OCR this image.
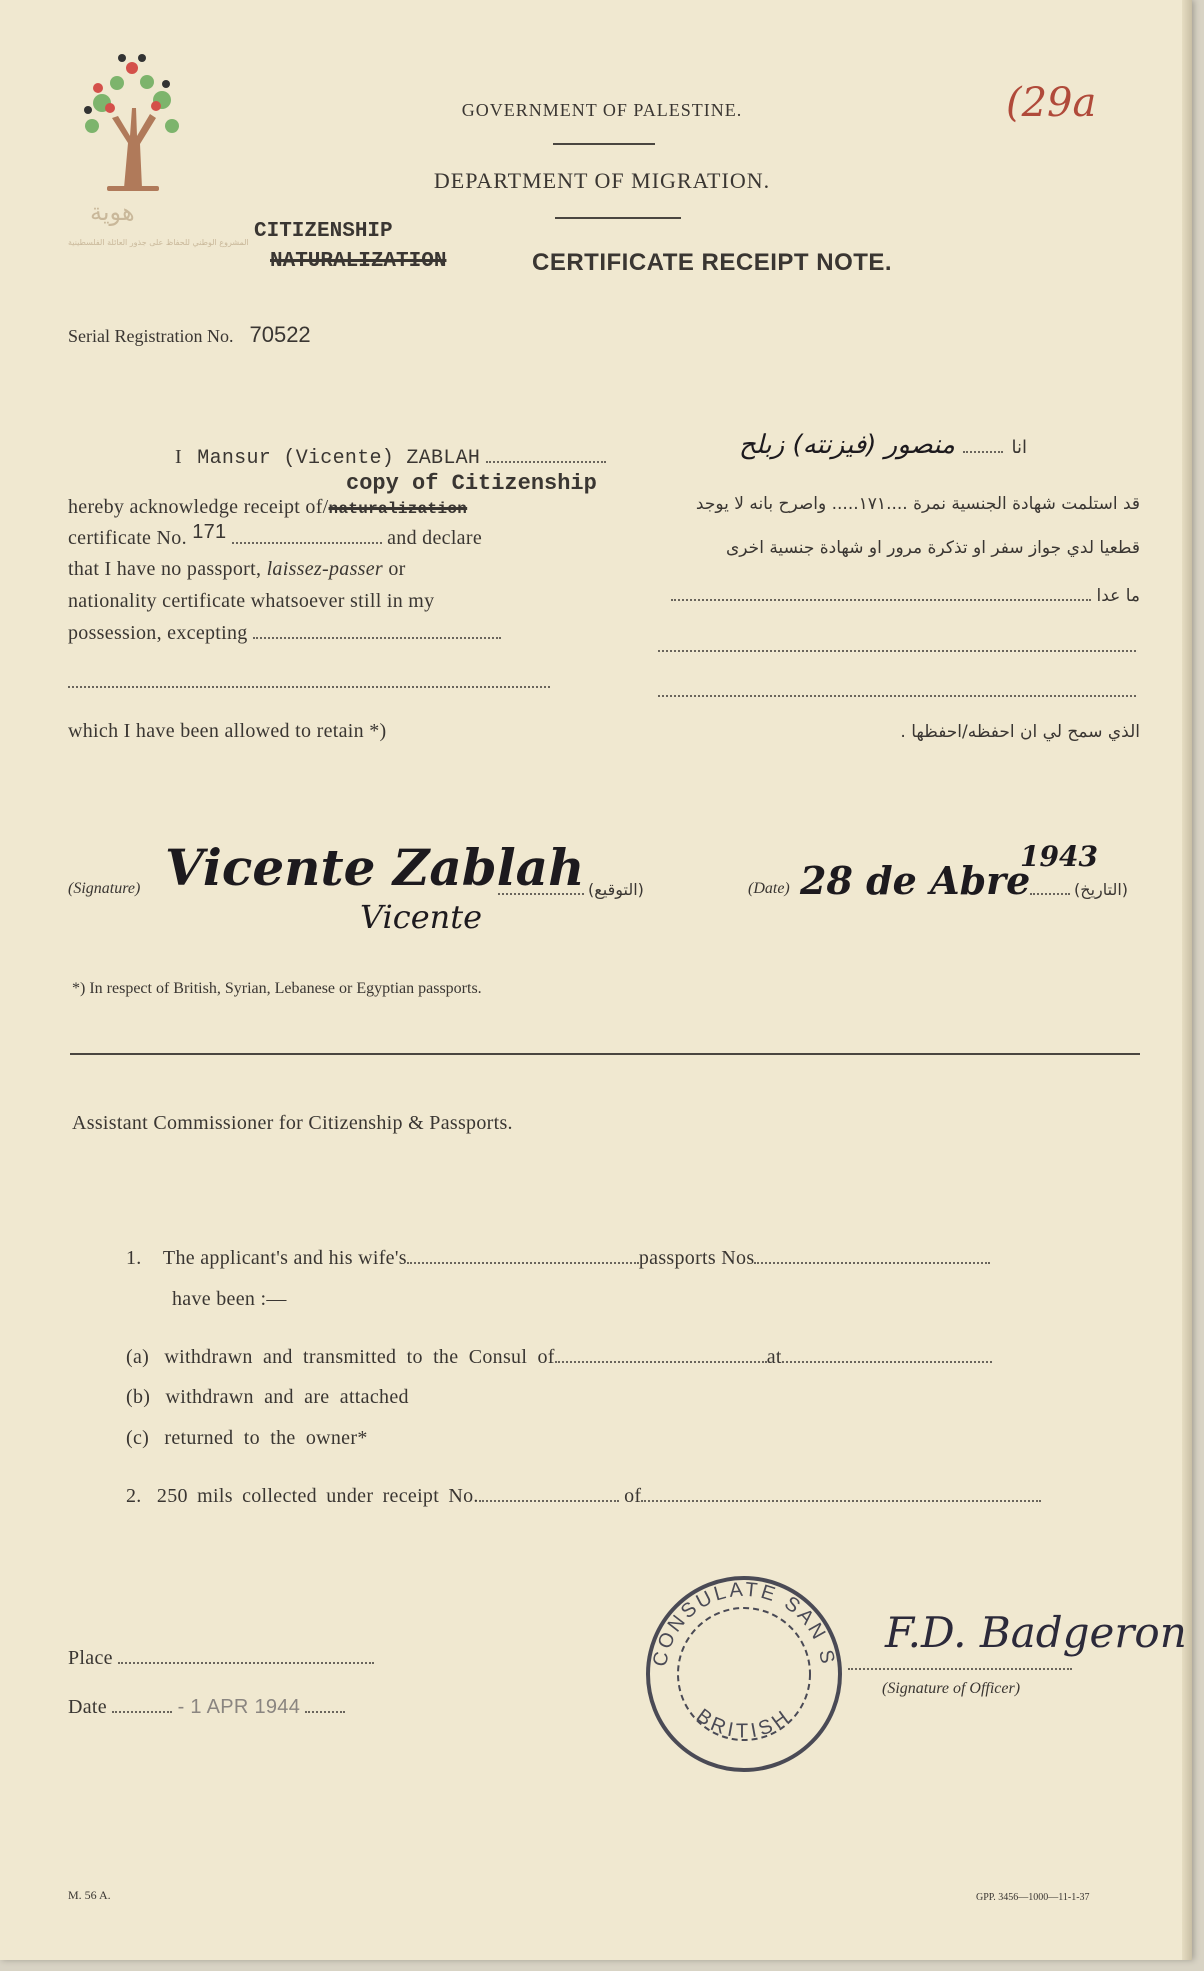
هوية
المشروع الوطني للحفاظ على جذور العائلة الفلسطينية
GOVERNMENT OF PALESTINE.
DEPARTMENT OF MIGRATION.
CITIZENSHIP
NATURALIZATION	CERTIFICATE RECEIPT NOTE.
(29a
Serial Registration No. 70522
I Mansur (Vicente) ZABLAH
copy of Citizenship
hereby acknowledge receipt of/naturalization
certificate No. 171	and declare
that I have no passport, laissez-passer or
nationality certificate whatsoever still in my
possession, excepting
which I have been allowed to retain *)
انا  منصور (فيزنته) زبلح
قد استلمت شهادة الجنسية نمرة ....١٧١..... واصرح بانه لا يوجد
قطعيا لدي جواز سفر او تذكرة مرور او شهادة جنسية اخرى
ما عدا
الذي سمح لي ان احفظه/احفظها .
(Signature) Vicente Zablah
Vicente
(التوقيع)	(Date) 28 de Abre
1943
(التاريخ)
*) In respect of British, Syrian, Lebanese or Egyptian passports.
Assistant Commissioner for Citizenship & Passports.
1. The applicant's and his wife's	passports Nos
have been :—
(a) withdrawn and transmitted to the Consul of	at
(b) withdrawn and are attached
(c) returned to the owner*
2. 250 mils collected under receipt No.	of
Place
Date	- 1 APR 1944
CONSULATE SAN S
BRITISH
F.D. Badgeron
(Signature of Officer)
M. 56 A.	GPP. 3456—1000—11-1-37
